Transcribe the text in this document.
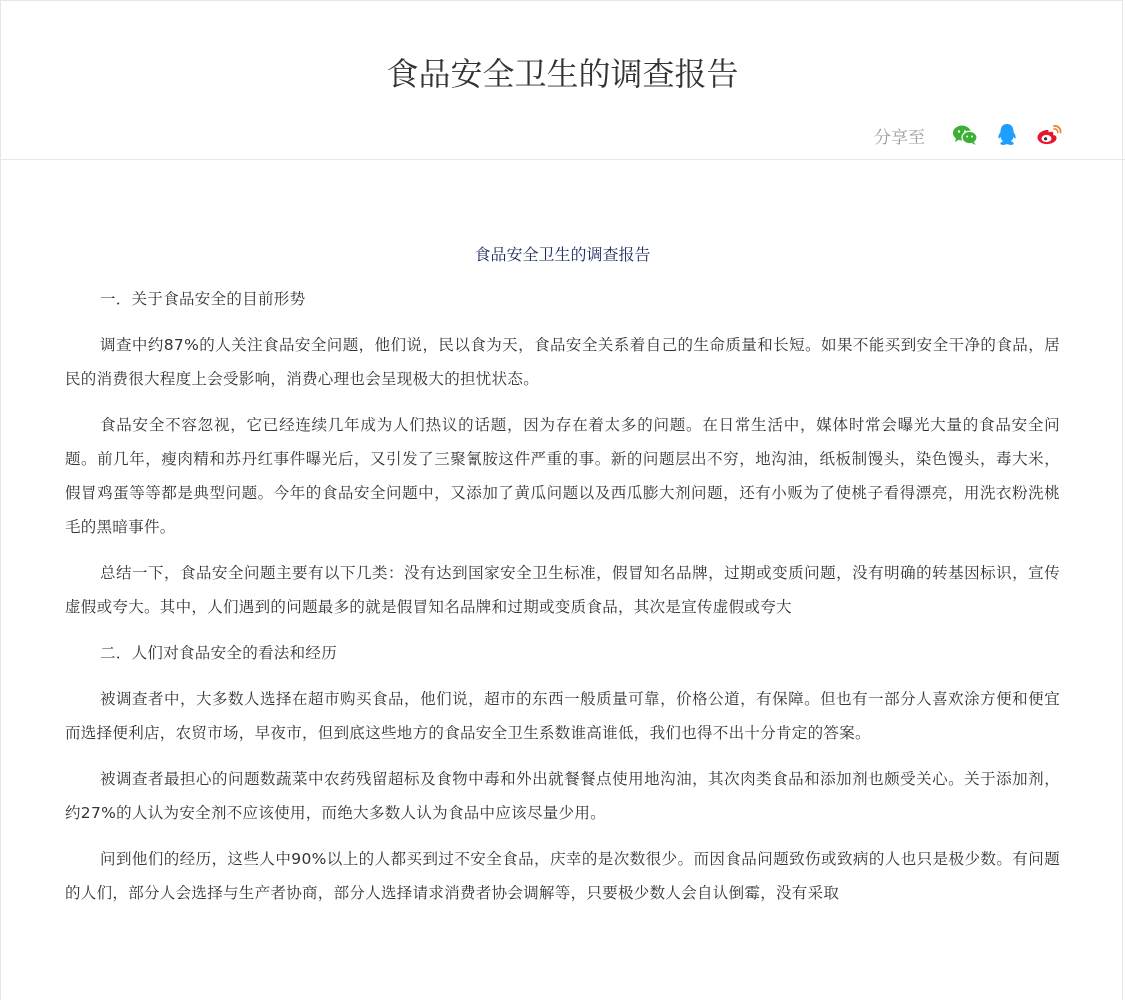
食品安全卫生的调查报告
分享至
食品安全卫生的调查报告

一．关于食品安全的目前形势

调查中约87%的人关注食品安全问题，他们说，民以食为天，食品安全关系着自己的生命质量和长短。如果不能买到安全干净的食品，居民的消费很大程度上会受影响，消费心理也会呈现极大的担忧状态。

食品安全不容忽视，它已经连续几年成为人们热议的话题，因为存在着太多的问题。在日常生活中，媒体时常会曝光大量的食品安全问题。前几年，瘦肉精和苏丹红事件曝光后，又引发了三聚氰胺这件严重的事。新的问题层出不穷，地沟油，纸板制馒头，染色馒头，毒大米，假冒鸡蛋等等都是典型问题。今年的食品安全问题中，又添加了黄瓜问题以及西瓜膨大剂问题，还有小贩为了使桃子看得漂亮，用洗衣粉洗桃毛的黑暗事件。

总结一下，食品安全问题主要有以下几类：没有达到国家安全卫生标准，假冒知名品牌，过期或变质问题，没有明确的转基因标识，宣传虚假或夸大。其中，人们遇到的问题最多的就是假冒知名品牌和过期或变质食品，其次是宣传虚假或夸大

二．人们对食品安全的看法和经历

被调查者中，大多数人选择在超市购买食品，他们说，超市的东西一般质量可靠，价格公道，有保障。但也有一部分人喜欢涂方便和便宜而选择便利店，农贸市场，早夜市，但到底这些地方的食品安全卫生系数谁高谁低，我们也得不出十分肯定的答案。

被调查者最担心的问题数蔬菜中农药残留超标及食物中毒和外出就餐餐点使用地沟油，其次肉类食品和添加剂也颇受关心。关于添加剂，约27%的人认为安全剂不应该使用，而绝大多数人认为食品中应该尽量少用。

问到他们的经历，这些人中90%以上的人都买到过不安全食品，庆幸的是次数很少。而因食品问题致伤或致病的人也只是极少数。有问题的人们，部分人会选择与生产者协商，部分人选择请求消费者协会调解等，只要极少数人会自认倒霉，没有采取
